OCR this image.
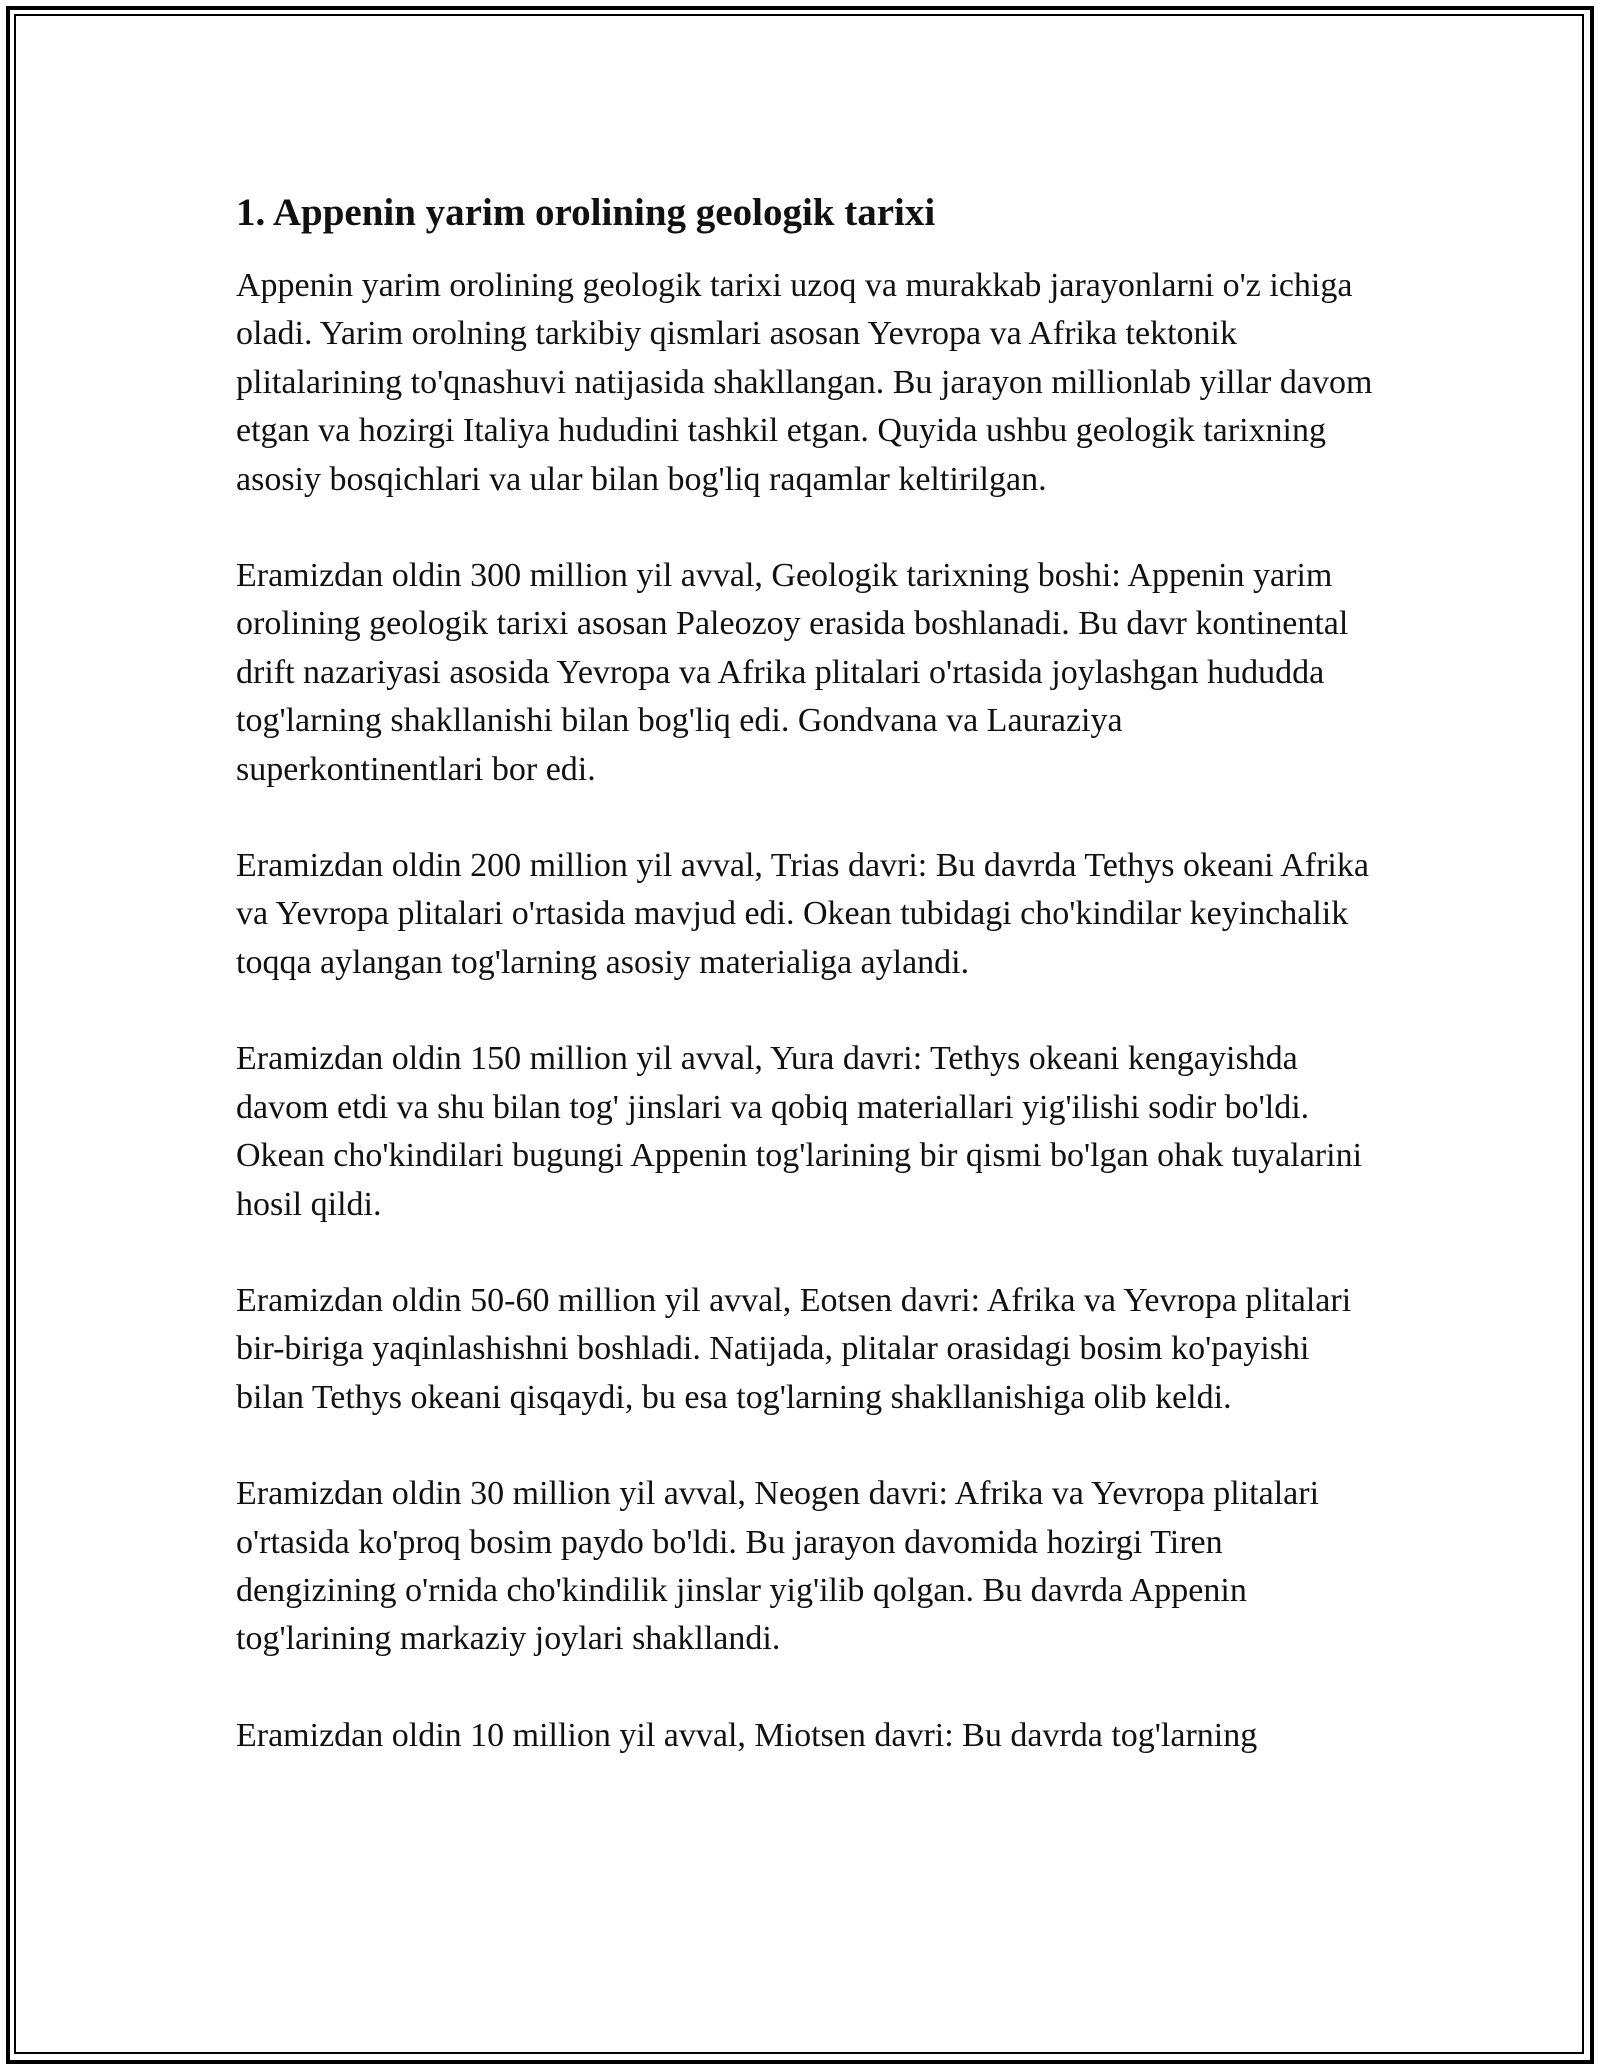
1. Appenin yarim orolining geologik tarixi

Appenin yarim orolining geologik tarixi uzoq va murakkab jarayonlarni o'z ichiga oladi. Yarim orolning tarkibiy qismlari asosan Yevropa va Afrika tektonik plitalarining to'qnashuvi natijasida shakllangan. Bu jarayon millionlab yillar davom etgan va hozirgi Italiya hududini tashkil etgan. Quyida ushbu geologik tarixning asosiy bosqichlari va ular bilan bog'liq raqamlar keltirilgan.

Eramizdan oldin 300 million yil avval, Geologik tarixning boshi: Appenin yarim orolining geologik tarixi asosan Paleozoy erasida boshlanadi. Bu davr kontinental drift nazariyasi asosida Yevropa va Afrika plitalari o'rtasida joylashgan hududda tog'larning shakllanishi bilan bog'liq edi. Gondvana va Lauraziya superkontinentlari bor edi.

Eramizdan oldin 200 million yil avval, Trias davri: Bu davrda Tethys okeani Afrika va Yevropa plitalari o'rtasida mavjud edi. Okean tubidagi cho'kindilar keyinchalik toqqa aylangan tog'larning asosiy materialiga aylandi.

Eramizdan oldin 150 million yil avval, Yura davri: Tethys okeani kengayishda davom etdi va shu bilan tog' jinslari va qobiq materiallari yig'ilishi sodir bo'ldi. Okean cho'kindilari bugungi Appenin tog'larining bir qismi bo'lgan ohak tuyalarini hosil qildi.

Eramizdan oldin 50-60 million yil avval, Eotsen davri: Afrika va Yevropa plitalari bir-biriga yaqinlashishni boshladi. Natijada, plitalar orasidagi bosim ko'payishi bilan Tethys okeani qisqaydi, bu esa tog'larning shakllanishiga olib keldi.

Eramizdan oldin 30 million yil avval, Neogen davri: Afrika va Yevropa plitalari o'rtasida ko'proq bosim paydo bo'ldi. Bu jarayon davomida hozirgi Tiren dengizining o'rnida cho'kindilik jinslar yig'ilib qolgan. Bu davrda Appenin tog'larining markaziy joylari shakllandi.

Eramizdan oldin 10 million yil avval, Miotsen davri: Bu davrda tog'larning
